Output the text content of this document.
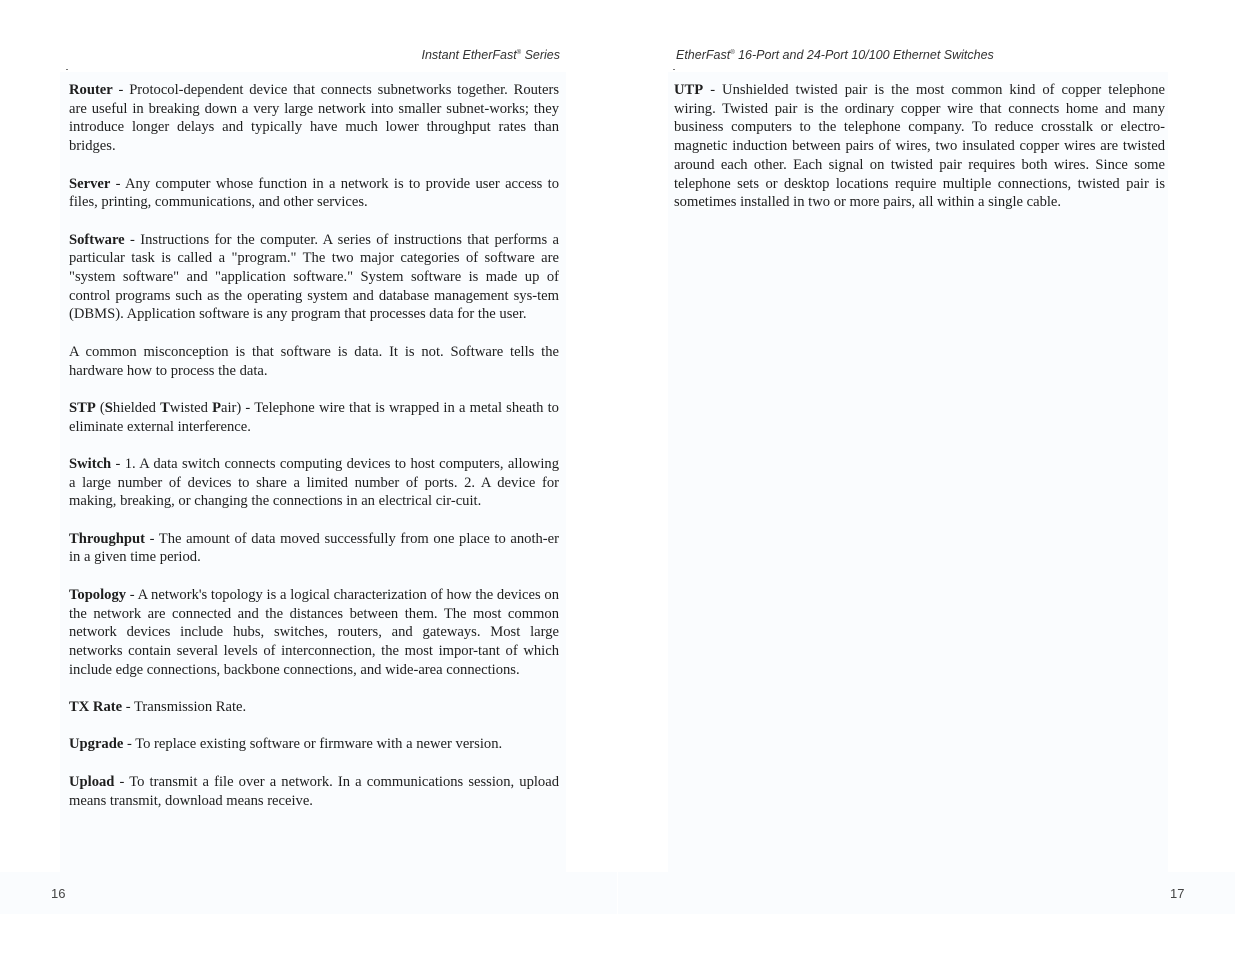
Instant EtherFast® Series

Router - Protocol-dependent device that connects subnetworks together. Routers are useful in breaking down a very large network into smaller subnet-works; they introduce longer delays and typically have much lower throughput rates than bridges.

Server - Any computer whose function in a network is to provide user access to files, printing, communications, and other services.

Software - Instructions for the computer. A series of instructions that performs a particular task is called a "program." The two major categories of software are "system software" and "application software." System software is made up of control programs such as the operating system and database management sys-tem (DBMS). Application software is any program that processes data for the user.

A common misconception is that software is data. It is not. Software tells the hardware how to process the data.

STP (Shielded Twisted Pair) - Telephone wire that is wrapped in a metal sheath to eliminate external interference.

Switch - 1. A data switch connects computing devices to host computers, allowing a large number of devices to share a limited number of ports. 2. A device for making, breaking, or changing the connections in an electrical cir-cuit.

Throughput - The amount of data moved successfully from one place to anoth-er in a given time period.

Topology - A network's topology is a logical characterization of how the devices on the network are connected and the distances between them. The most common network devices include hubs, switches, routers, and gateways. Most large networks contain several levels of interconnection, the most impor-tant of which include edge connections, backbone connections, and wide-area connections.

TX Rate - Transmission Rate.

Upgrade - To replace existing software or firmware with a newer version.

Upload - To transmit a file over a network. In a communications session, upload means transmit, download means receive.

16
EtherFast® 16-Port and 24-Port 10/100 Ethernet Switches

UTP - Unshielded twisted pair is the most common kind of copper telephone wiring. Twisted pair is the ordinary copper wire that connects home and many business computers to the telephone company. To reduce crosstalk or electro-magnetic induction between pairs of wires, two insulated copper wires are twisted around each other. Each signal on twisted pair requires both wires. Since some telephone sets or desktop locations require multiple connections, twisted pair is sometimes installed in two or more pairs, all within a single cable.

17
